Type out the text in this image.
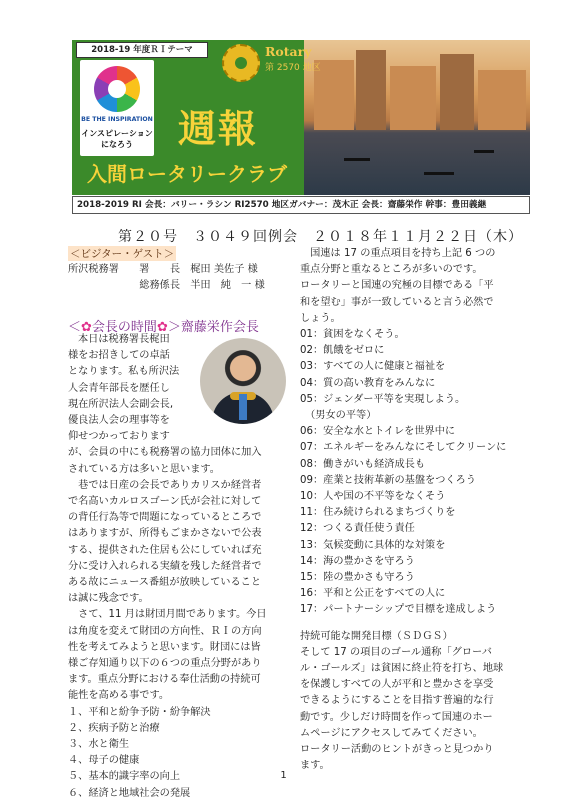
2018-19 年度ＲＩテーマ
BE THE INSPIRATION
インスピレーション
になろう
Rotary
第 2570 地区
週報
入間ロータリークラブ
2018-2019 RI 会長：バリー・ラシン RI2570 地区ガバナー：茂木正 会長：齋藤栄作 幹事：豊田義継
第２０号　３０４９回例会　２０１８年１１月２２日（木）
＜ビジター・ゲスト＞
所沢税務署　　署　　長　梶田 美佐子 様
　　　　　　　総務係長　半田　純　一 様
＜✿会長の時間✿＞齋藤栄作会長
本日は税務署長梶田
様をお招きしての卓話
となります。私も所沢法
人会青年部長を歴任し
現在所沢法人会副会長,
優良法人会の理事等を
仰せつかっております
が、会員の中にも税務署の協力団体に加入
されている方は多いと思います。
　巷では日産の会長でありカリスか経営者
で名高いカルロスゴーン氏が会社に対して
の背任行為等で問題になっているところで
はありますが、所得もごまかさないで公表
する、提供された住居も公にしていれば充
分に受け入れられる実績を残した経営者で
ある故にニュース番組が放映していること
は誠に残念です。
　さて、11 月は財団月間であります。今日
は角度を変えて財団の方向性、ＲＩの方向
性を考えてみようと思います。財団には皆
様ご存知通り以下の６つの重点分野があり
ます。重点分野における奉仕活動の持続可
能性を高める事です。
１、平和と紛争予防・紛争解決
２、疾病予防と治療
３、水と衛生
４、母子の健康
５、基本的識字率の向上
６、経済と地域社会の発展
　国連は 17 の重点項目を持ち上記 6 つの
重点分野と重なるところが多いのです。
ロータリーと国連の究極の目標である「平
和を望む」事が一致していると言う必然で
しょう。
01：貧困をなくそう。
02：飢餓をゼロに
03：すべての人に健康と福祉を
04：質の高い教育をみんなに
05：ジェンダー平等を実現しよう。
　（男女の平等）
06：安全な水とトイレを世界中に
07：エネルギーをみんなにそしてクリーンに
08：働きがいも経済成長も
09：産業と技術革新の基盤をつくろう
10：人や国の不平等をなくそう
11：住み続けられるまちづくりを
12：つくる責任使う責任
13：気候変動に具体的な対策を
14：海の豊かさを守ろう
15：陸の豊かさも守ろう
16：平和と公正をすべての人に
17：パートナーシップで目標を達成しよう
持続可能な開発目標（ＳＤＧＳ）
そして 17 の項目のゴール通称「グローバ
ル・ゴールズ」は貧困に終止符を打ち、地球
を保護しすべての人が平和と豊かさを享受
できるようにすることを目指す普遍的な行
動です。少しだけ時間を作って国連のホー
ムページにアクセスしてみてください。
ロータリー活動のヒントがきっと見つかり
ます。
1
